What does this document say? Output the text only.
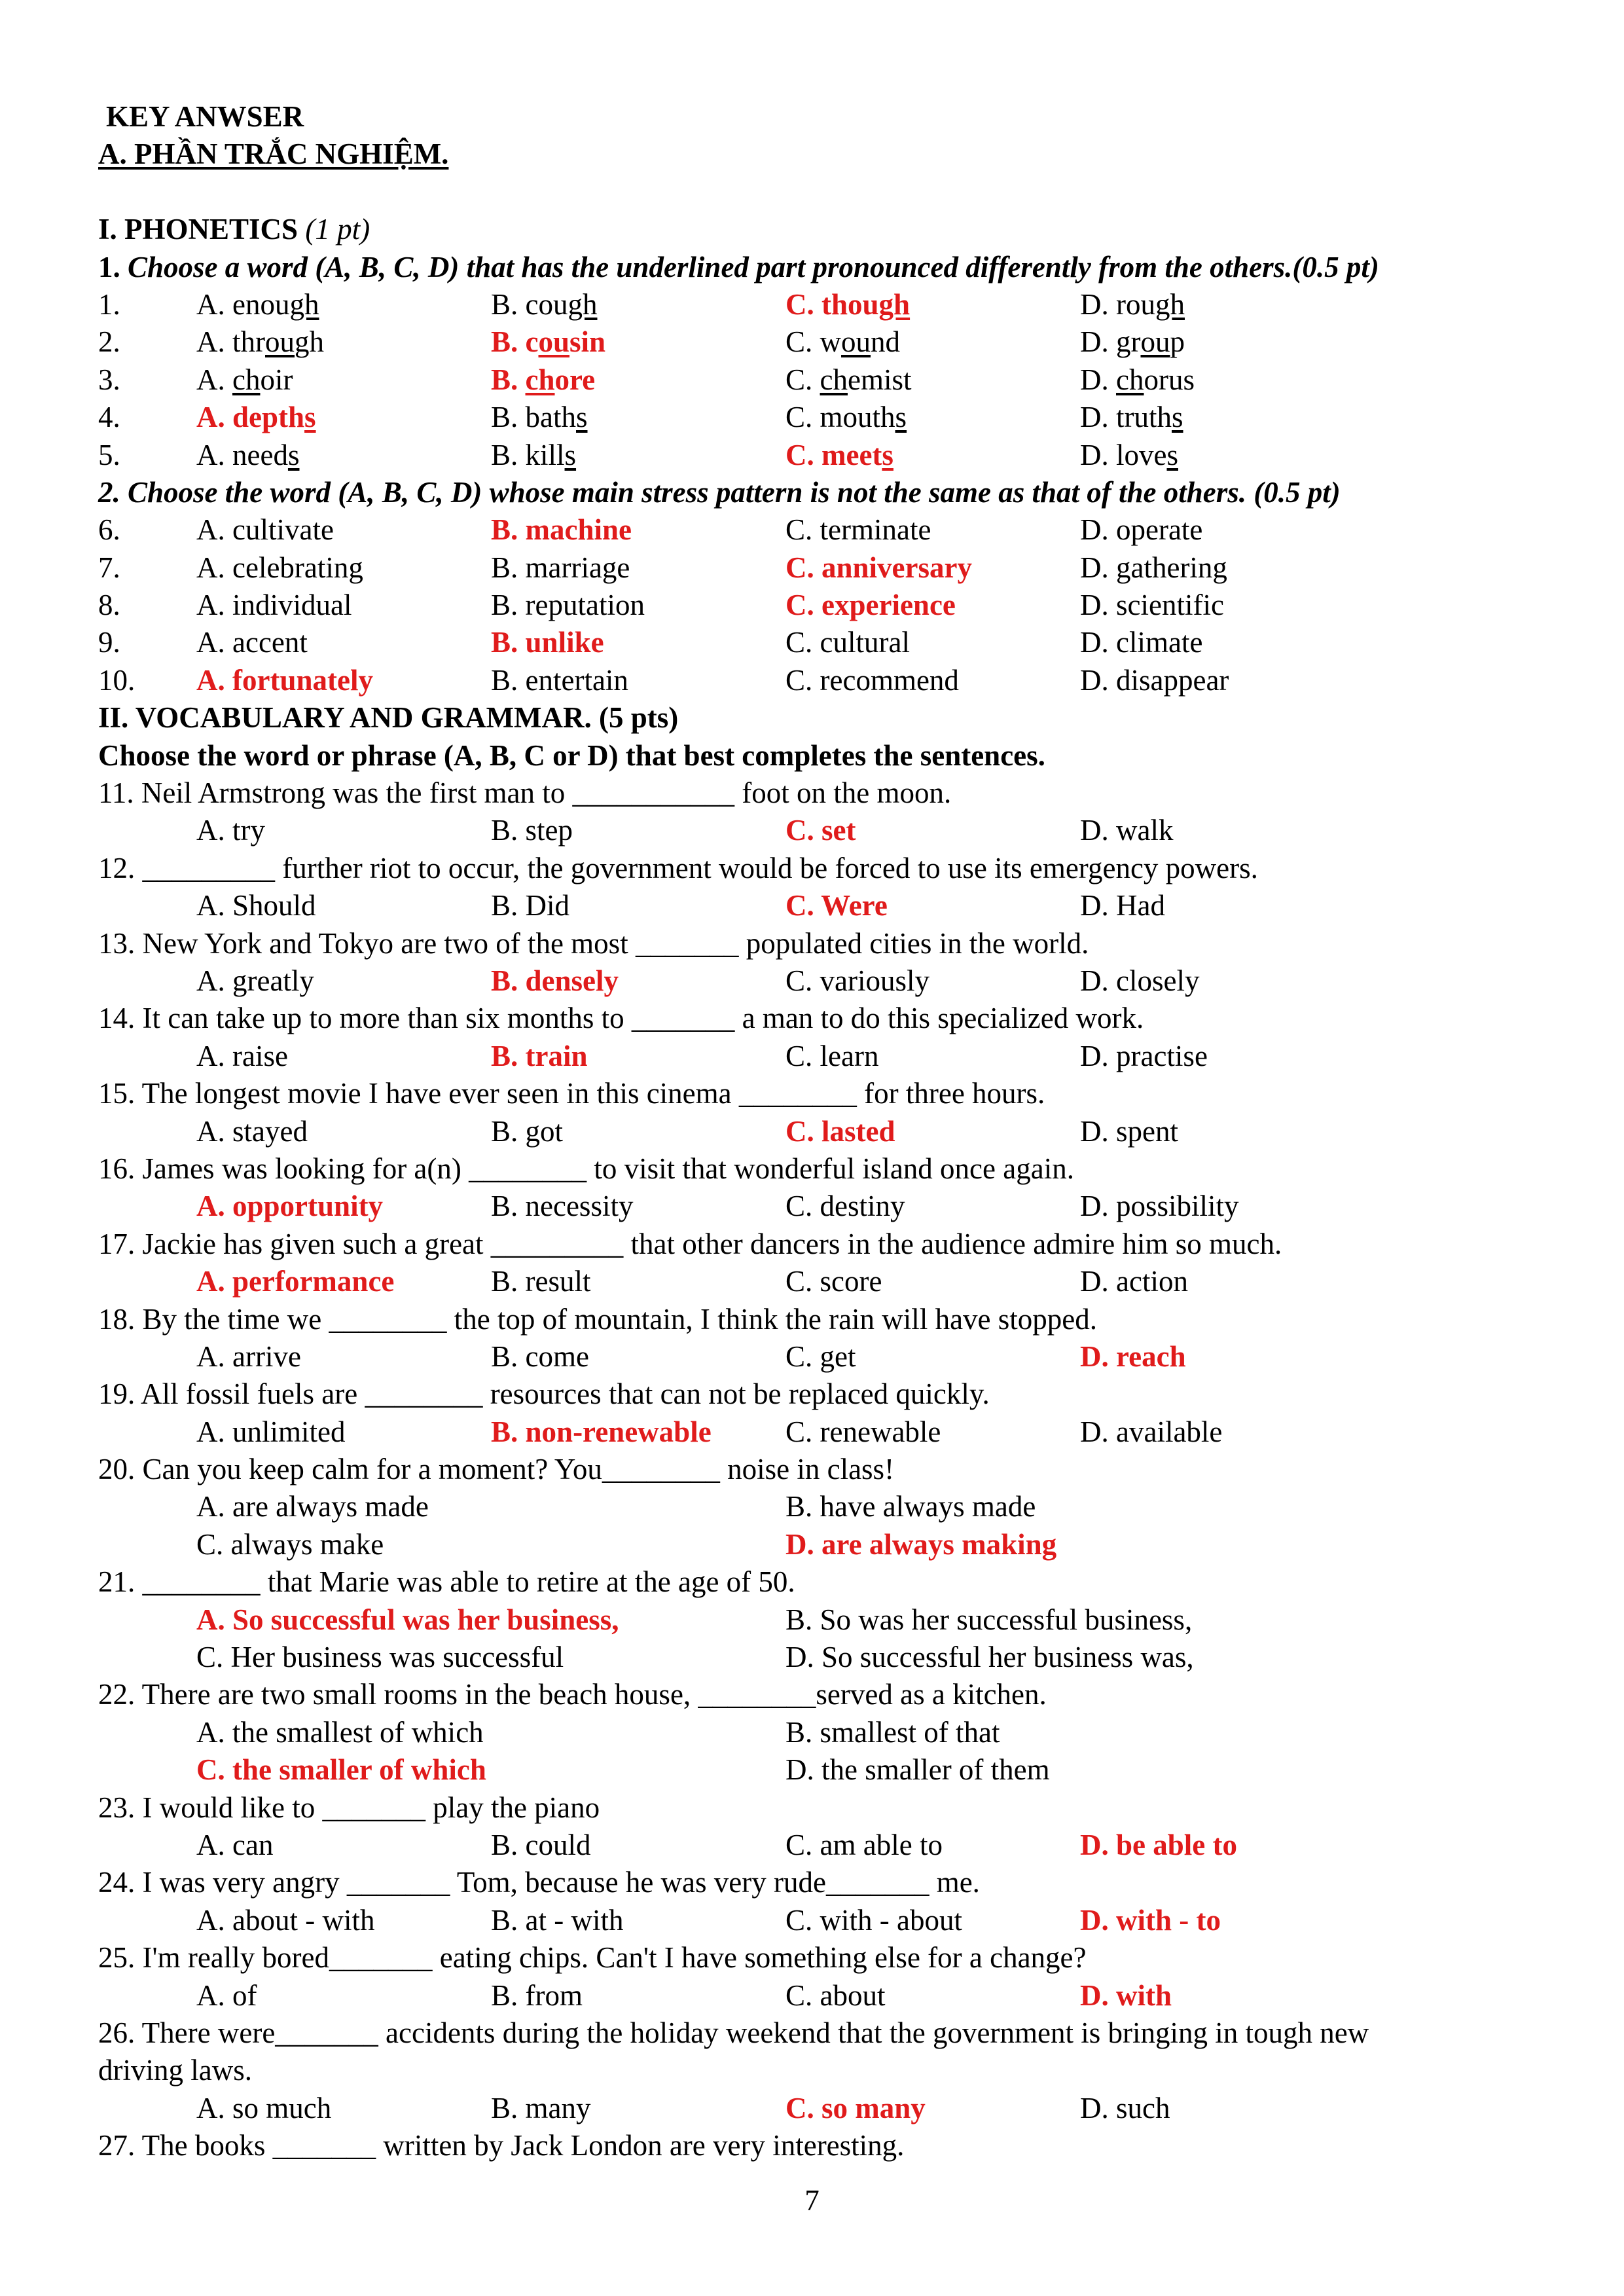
KEY ANWSER
A. PHẦN TRẮC NGHIỆM.
I. PHONETICS (1 pt)
1. Choose a word (A, B, C, D) that has the underlined part pronounced differently from the others.(0.5 pt)
1.	A. enough	B. cough	C. though	D. rough
2.	A. through	B. cousin	C. wound	D. group
3.	A. choir	B. chore	C. chemist	D. chorus
4.	A. depths	B. baths	C. mouths	D. truths
5.	A. needs	B. kills	C. meets	D. loves
2. Choose the word (A, B, C, D) whose main stress pattern is not the same as that of the others. (0.5 pt)
6.	A. cultivate	B. machine	C. terminate	D. operate
7.	A. celebrating	B. marriage	C. anniversary	D. gathering
8.	A. individual	B. reputation	C. experience	D. scientific
9.	A. accent	B. unlike	C. cultural	D. climate
10. A. fortunately	B. entertain	C. recommend	D. disappear
II. VOCABULARY AND GRAMMAR. (5 pts)
Choose the word or phrase (A, B, C or D) that best completes the sentences.
11. Neil Armstrong was the first man to ___________ foot on the moon.
A. try	B. step	C. set	D. walk
12. _________ further riot to occur, the government would be forced to use its emergency powers.
A. Should	B. Did	C. Were	D. Had
13. New York and Tokyo are two of the most _______ populated cities in the world.
A. greatly	B. densely	C. variously	D. closely
14. It can take up to more than six months to _______ a man to do this specialized work.
A. raise	B. train	C. learn	D. practise
15. The longest movie I have ever seen in this cinema ________ for three hours.
A. stayed	B. got	C. lasted	D. spent
16. James was looking for a(n) ________ to visit that wonderful island once again.
A. opportunity	B. necessity	C. destiny	D. possibility
17. Jackie has given such a great _________ that other dancers in the audience admire him so much.
A. performance	B. result	C. score	D. action
18. By the time we ________ the top of mountain, I think the rain will have stopped.
A. arrive	B. come	C. get	D. reach
19. All fossil fuels are ________ resources that can not be replaced quickly.
A. unlimited	B. non-renewable	C. renewable	D. available
20. Can you keep calm for a moment? You________ noise in class!
A. are always made	B. have always made
C. always make	D. are always making
21. ________ that Marie was able to retire at the age of 50.
A. So successful was her business,	B. So was her successful business,
C. Her business was successful	D. So successful her business was,
22. There are two small rooms in the beach house, ________served as a kitchen.
A. the smallest of which	B. smallest of that
C. the smaller of which	D. the smaller of them
23. I would like to _______ play the piano
A. can	B. could	C. am able to	D. be able to
24. I was very angry _______ Tom, because he was very rude_______ me.
A. about - with	B. at - with	C. with - about	D. with - to
25. I'm really bored_______ eating chips. Can't I have something else for a change?
A. of	B. from	C. about	D. with
26. There were_______ accidents during the holiday weekend that the government is bringing in tough new
driving laws.
A. so much	B. many	C. so many	D. such
27. The books _______ written by Jack London are very interesting.
7
